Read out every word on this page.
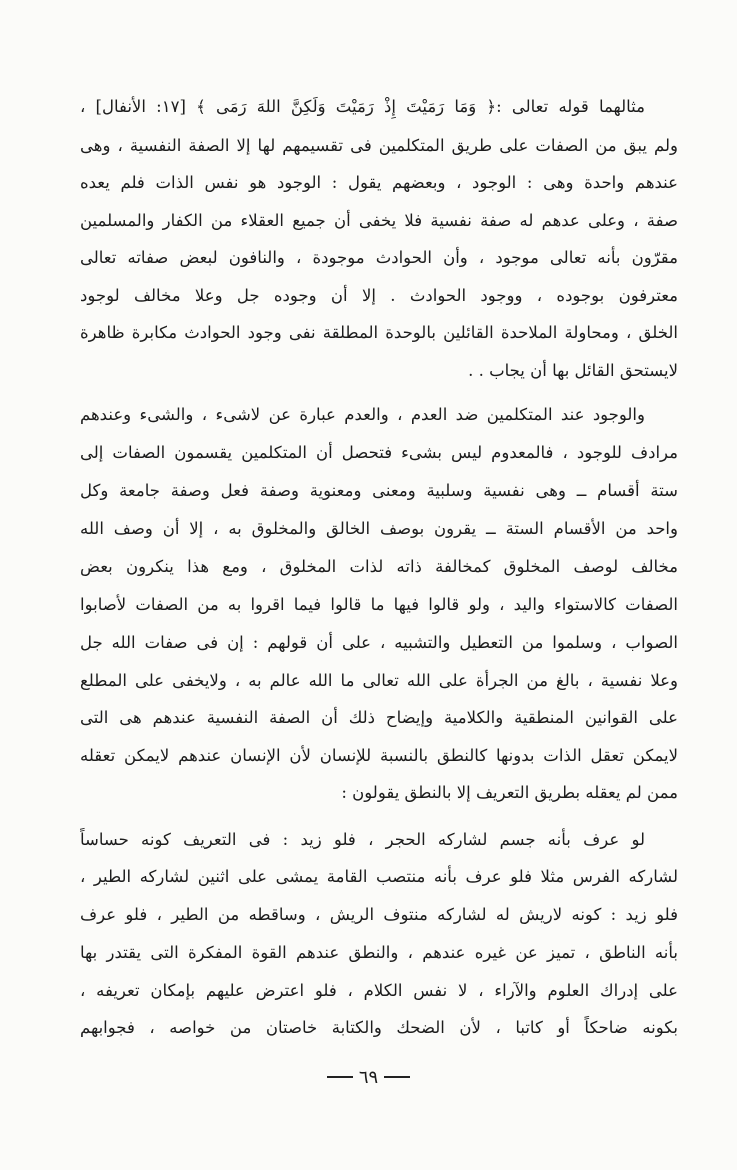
مثالهما قوله تعالى :﴿ وَمَا رَمَيْتَ إِذْ رَمَيْتَ وَلَكِنَّ اللهَ رَمَى ﴾ [١٧: الأنفال] ،
ولم يبق من الصفات على طريق المتكلمين فى تقسيمهم لها إلا الصفة النفسية ، وهى
عندهم واحدة وهى : الوجود ، وبعضهم يقول : الوجود هو نفس الذات فلم يعده
صفة ، وعلى عدهم له صفة نفسية فلا يخفى أن جميع العقلاء من الكفار والمسلمين
مقرّون بأنه تعالى موجود ، وأن الحوادث موجودة ، والنافون لبعض صفاته تعالى
معترفون بوجوده ، ووجود الحوادث . إلا أن وجوده جل وعلا مخالف لوجود
الخلق ، ومحاولة الملاحدة القائلين بالوحدة المطلقة نفى وجود الحوادث مكابرة ظاهرة
لايستحق القائل بها أن يجاب . .
والوجود عند المتكلمين ضد العدم ، والعدم عبارة عن لاشىء ، والشىء وعندهم
مرادف للوجود ، فالمعدوم ليس بشىء فتحصل أن المتكلمين يقسمون الصفات إلى
ستة أقسام ــ وهى نفسية وسلبية ومعنى ومعنوية وصفة فعل وصفة جامعة وكل
واحد من الأقسام الستة ــ يقرون بوصف الخالق والمخلوق به ، إلا أن وصف الله
مخالف لوصف المخلوق كمخالفة ذاته لذات المخلوق ، ومع هذا ينكرون بعض
الصفات كالاستواء واليد ، ولو قالوا فيها ما قالوا فيما اقروا به من الصفات لأصابوا
الصواب ، وسلموا من التعطيل والتشبيه ، على أن قولهم : إن فى صفات الله جل
وعلا نفسية ، بالغ من الجرأة على الله تعالى ما الله عالم به ، ولايخفى على المطلع
على القوانين المنطقية والكلامية وإيضاح ذلك أن الصفة النفسية عندهم هى التى
لايمكن تعقل الذات بدونها كالنطق بالنسبة للإنسان لأن الإنسان عندهم لايمكن تعقله
ممن لم يعقله بطريق التعريف إلا بالنطق يقولون :
لو عرف بأنه جسم لشاركه الحجر ، فلو زيد : فى التعريف كونه حساساً
لشاركه الفرس مثلا فلو عرف بأنه منتصب القامة يمشى على اثنين لشاركه الطير ،
فلو زيد : كونه لاريش له لشاركه منتوف الريش ، وساقطه من الطير ، فلو عرف
بأنه الناطق ، تميز عن غيره عندهم ، والنطق عندهم القوة المفكرة التى يقتدر بها
على إدراك العلوم والآراء ، لا نفس الكلام ، فلو اعترض عليهم بإمكان تعريفه ،
بكونه ضاحكاً أو كاتبا ، لأن الضحك والكتابة خاصتان من خواصه ، فجوابهم
٦٩
